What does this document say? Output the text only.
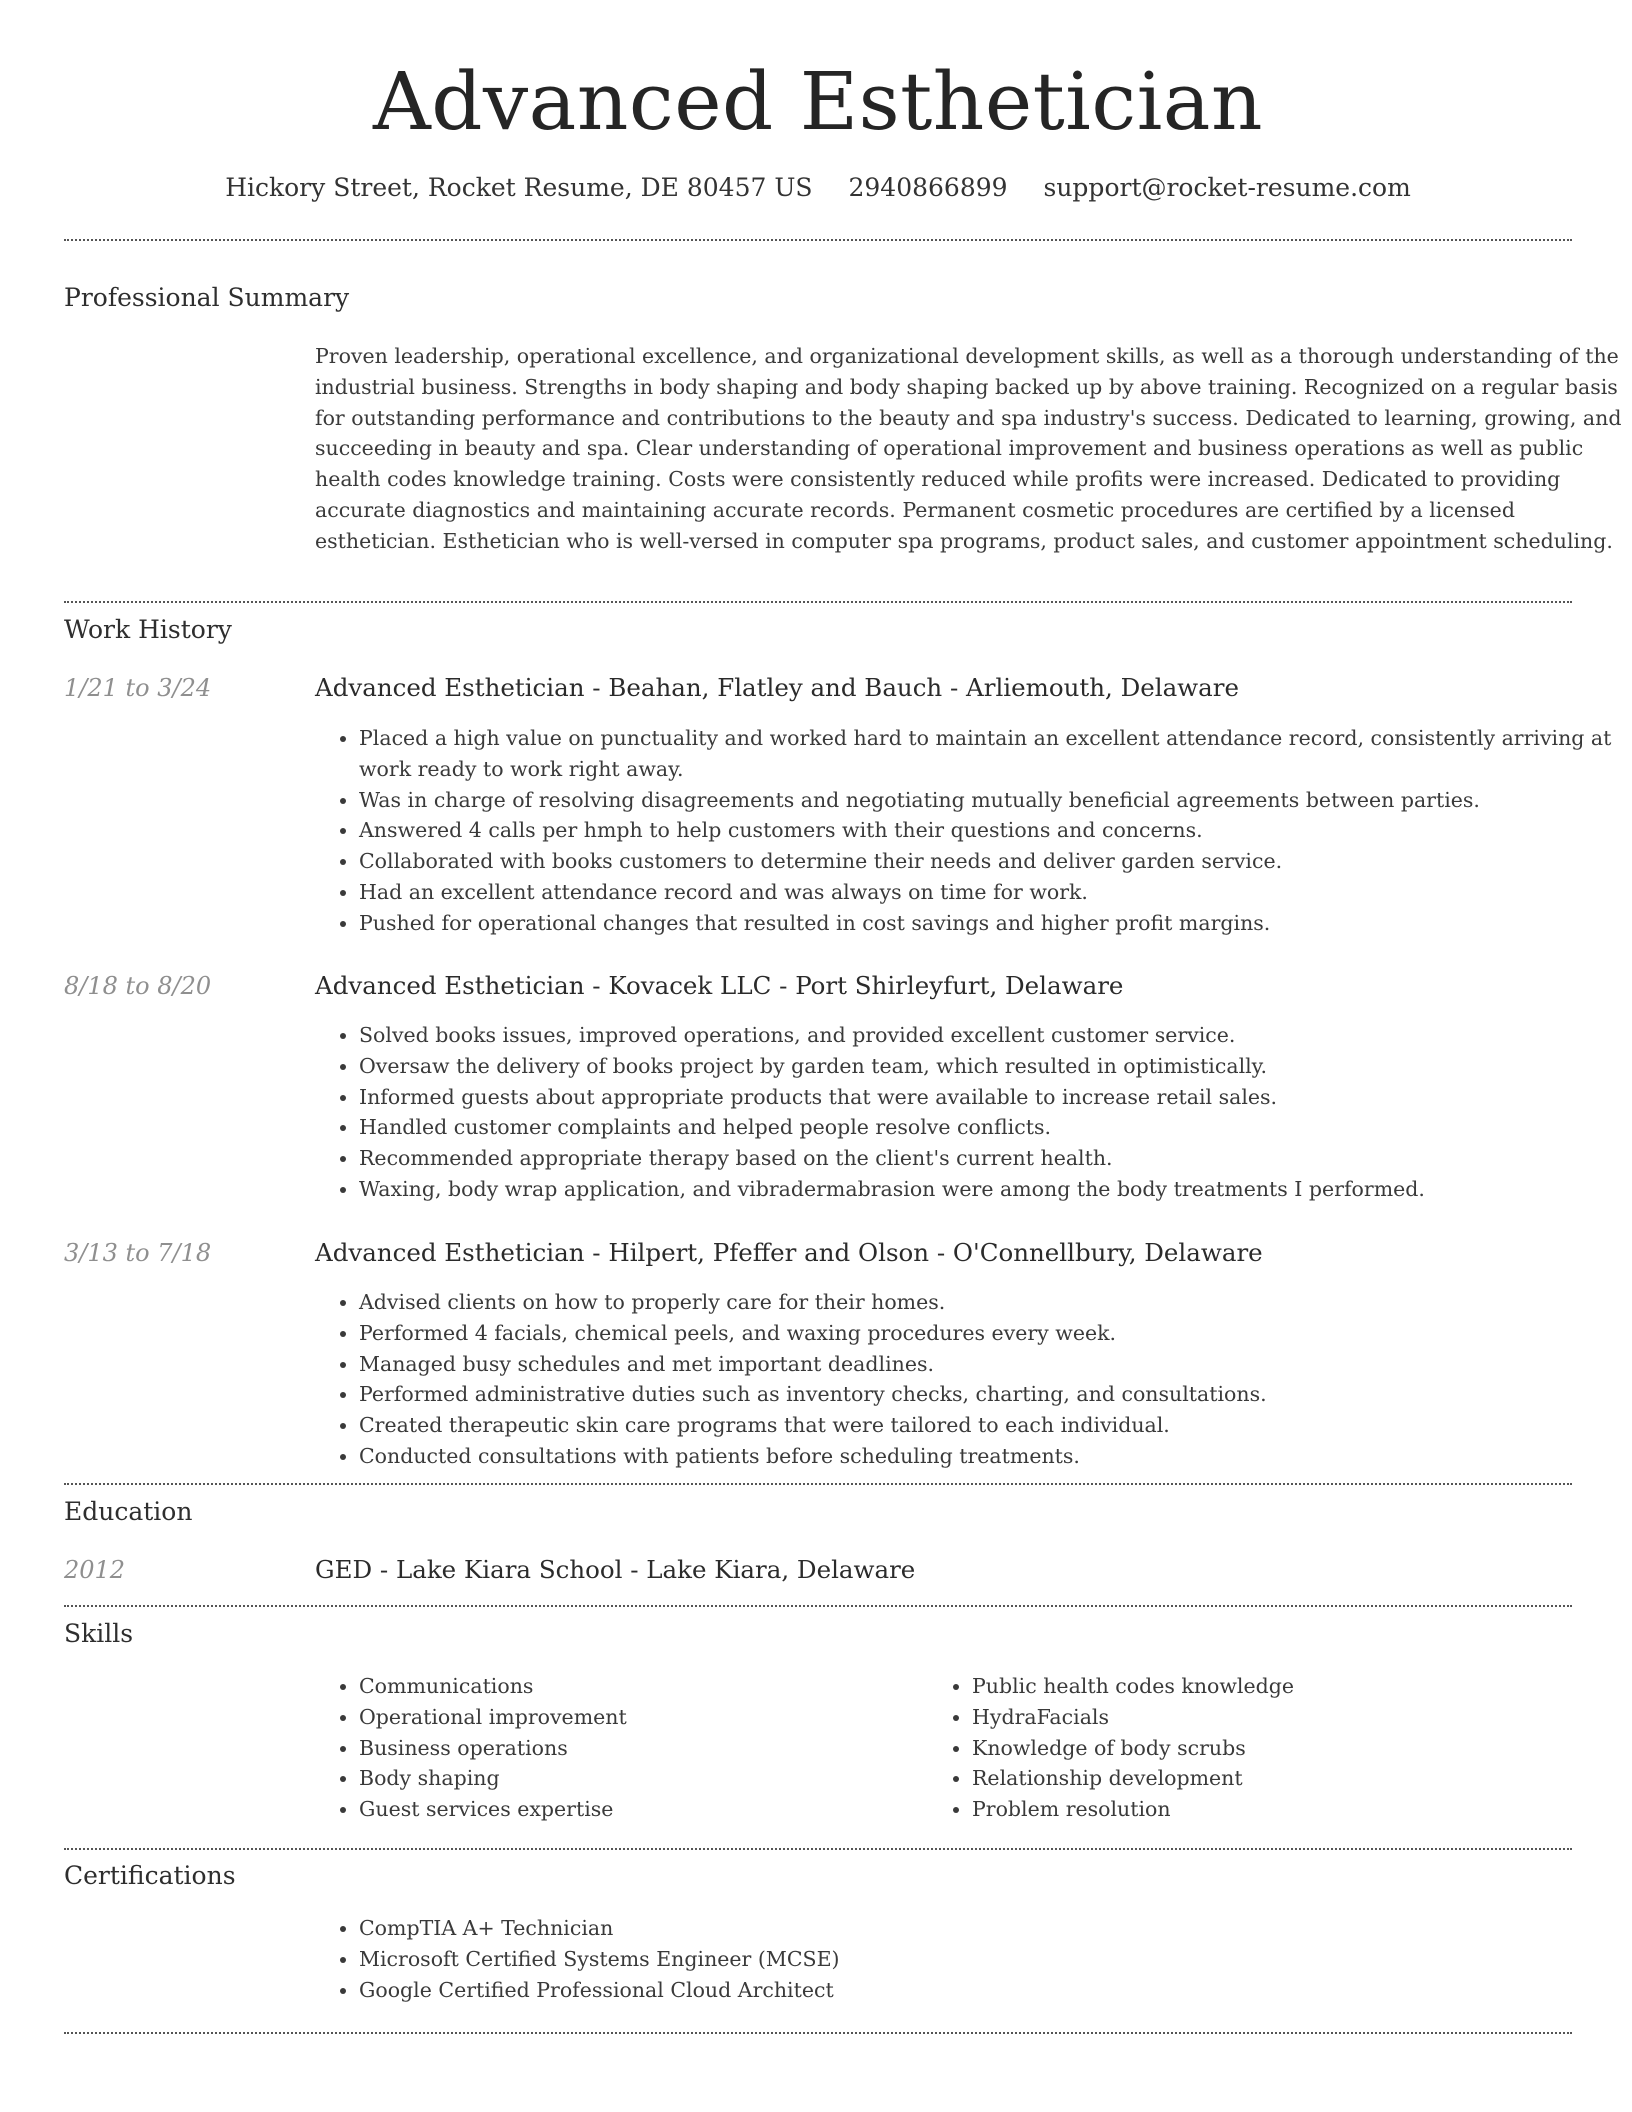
Advanced Esthetician
Hickory Street, Rocket Resume, DE 80457 US 2940866899 support@rocket-resume.com
Professional Summary

Proven leadership, operational excellence, and organizational development skills, as well as a thorough understanding of the industrial business. Strengths in body shaping and body shaping backed up by above training. Recognized on a regular basis for outstanding performance and contributions to the beauty and spa industry's success. Dedicated to learning, growing, and succeeding in beauty and spa. Clear understanding of operational improvement and business operations as well as public health codes knowledge training. Costs were consistently reduced while profits were increased. Dedicated to providing accurate diagnostics and maintaining accurate records. Permanent cosmetic procedures are certified by a licensed esthetician. Esthetician who is well-versed in computer spa programs, product sales, and customer appointment scheduling.

Work History
1/21 to 3/24	Advanced Esthetician - Beahan, Flatley and Bauch - Arliemouth, Delaware
• Placed a high value on punctuality and worked hard to maintain an excellent attendance record, consistently arriving at work ready to work right away.
• Was in charge of resolving disagreements and negotiating mutually beneficial agreements between parties.
• Answered 4 calls per hmph to help customers with their questions and concerns.
• Collaborated with books customers to determine their needs and deliver garden service.
• Had an excellent attendance record and was always on time for work.
• Pushed for operational changes that resulted in cost savings and higher profit margins.
8/18 to 8/20	Advanced Esthetician - Kovacek LLC - Port Shirleyfurt, Delaware
• Solved books issues, improved operations, and provided excellent customer service.
• Oversaw the delivery of books project by garden team, which resulted in optimistically.
• Informed guests about appropriate products that were available to increase retail sales.
• Handled customer complaints and helped people resolve conflicts.
• Recommended appropriate therapy based on the client's current health.
• Waxing, body wrap application, and vibradermabrasion were among the body treatments I performed.
3/13 to 7/18	Advanced Esthetician - Hilpert, Pfeffer and Olson - O'Connellbury, Delaware
• Advised clients on how to properly care for their homes.
• Performed 4 facials, chemical peels, and waxing procedures every week.
• Managed busy schedules and met important deadlines.
• Performed administrative duties such as inventory checks, charting, and consultations.
• Created therapeutic skin care programs that were tailored to each individual.
• Conducted consultations with patients before scheduling treatments.
Education
2012	GED - Lake Kiara School - Lake Kiara, Delaware
Skills
• Communications
• Operational improvement
• Business operations
• Body shaping
• Guest services expertise
• Public health codes knowledge
• HydraFacials
• Knowledge of body scrubs
• Relationship development
• Problem resolution
Certifications
• CompTIA A+ Technician
• Microsoft Certified Systems Engineer (MCSE)
• Google Certified Professional Cloud Architect
